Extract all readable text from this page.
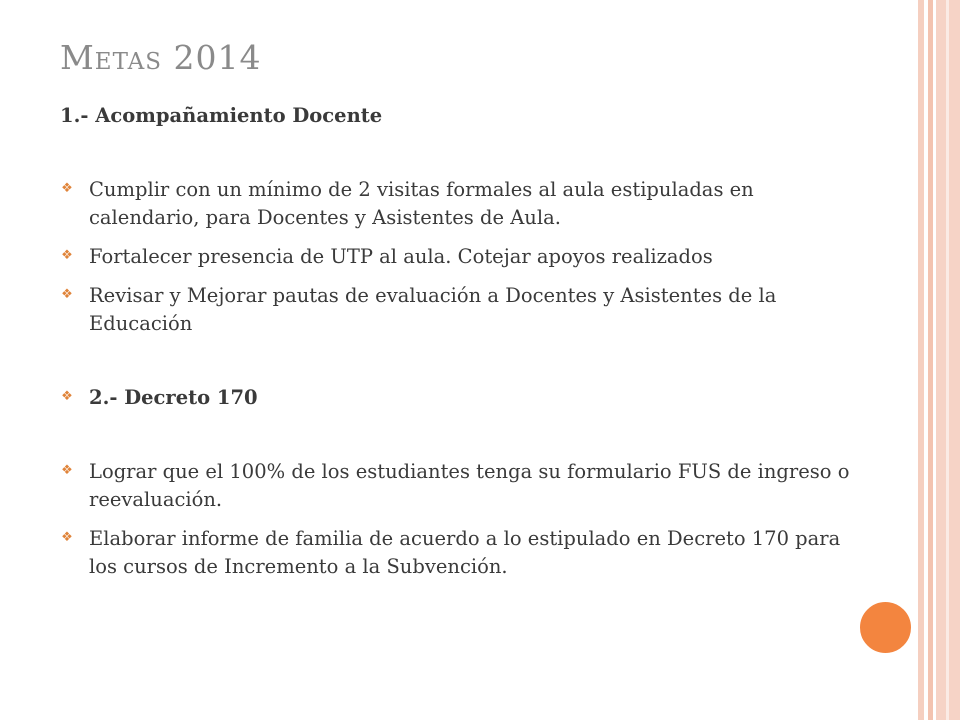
Metas 2014
1.- Acompañamiento Docente
❖ Cumplir con un mínimo de 2 visitas formales al aula estipuladas en calendario, para Docentes y Asistentes de Aula.
❖ Fortalecer presencia de UTP al aula. Cotejar apoyos realizados
❖ Revisar y Mejorar pautas de evaluación a Docentes y Asistentes de la Educación
❖ 2.- Decreto 170
❖ Lograr que el 100% de los estudiantes tenga su formulario FUS de ingreso o reevaluación.
❖ Elaborar informe de familia de acuerdo a lo estipulado en Decreto 170 para los cursos de Incremento a la Subvención.
